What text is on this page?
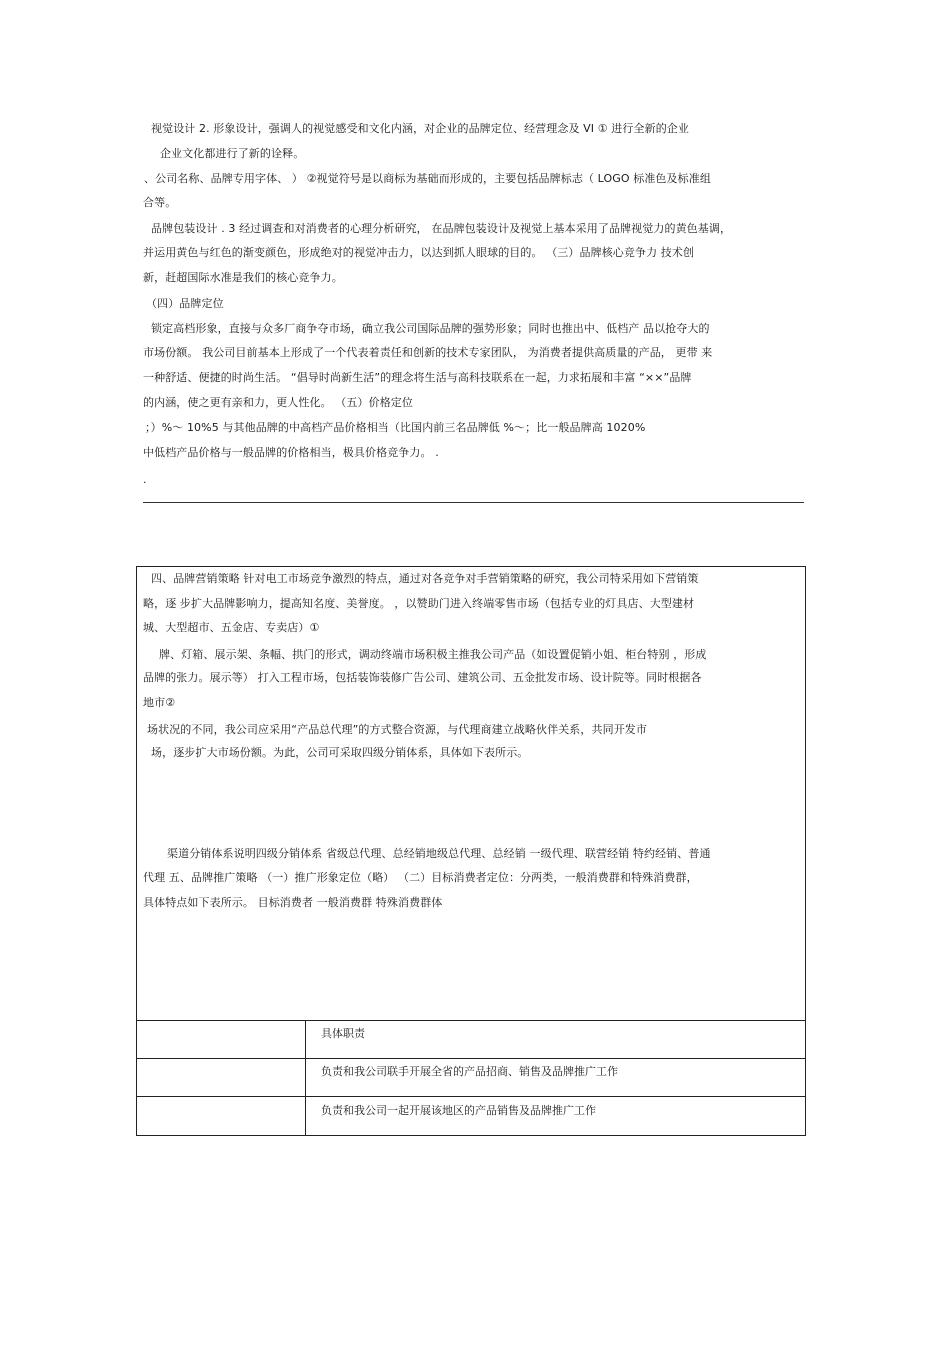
视觉设计 2. 形象设计，强调人的视觉感受和文化内涵，对企业的品牌定位、经营理念及 VI ① 进行全新的企业
企业文化都进行了新的诠释。
、公司名称、品牌专用字体、 ） ②视觉符号是以商标为基础而形成的，主要包括品牌标志（ LOGO 标准色及标准组
合等。
品牌包装设计 . 3 经过调查和对消费者的心理分析研究， 在品牌包装设计及视觉上基本采用了品牌视觉力的黄色基调，
并运用黄色与红色的渐变颜色，形成绝对的视觉冲击力，以达到抓人眼球的目的。 （三）品牌核心竞争力 技术创
新，赶超国际水准是我们的核心竞争力。
（四）品牌定位
锁定高档形象，直接与众多厂商争夺市场，确立我公司国际品牌的强势形象；同时也推出中、低档产 品以抢夺大的
市场份额。 我公司目前基本上形成了一个代表着责任和创新的技术专家团队， 为消费者提供高质量的产品， 更带 来
一种舒适、便捷的时尚生活。 “倡导时尚新生活”的理念将生活与高科技联系在一起，力求拓展和丰富 “××”品牌
的内涵，使之更有亲和力，更人性化。 （五）价格定位
；）%～ 10%5 与其他品牌的中高档产品价格相当（比国内前三名品牌低 %～；比一般品牌高 1020%
中低档产品价格与一般品牌的价格相当，极具价格竞争力。 .
.
四、品牌营销策略 针对电工市场竞争激烈的特点，通过对各竞争对手营销策略的研究，我公司特采用如下营销策
略，逐 步扩大品牌影响力，提高知名度、美誉度。 ，以赞助门进入终端零售市场（包括专业的灯具店、大型建材
城、大型超市、五金店、专卖店）①
牌、灯箱、展示架、条幅、拱门的形式，调动终端市场积极主推我公司产品（如设置促销小姐、柜台特别 ，形成
品牌的张力。展示等） 打入工程市场，包括装饰装修广告公司、建筑公司、五金批发市场、设计院等。同时根据各
地市②
场状况的不同，我公司应采用“产品总代理”的方式整合资源，与代理商建立战略伙伴关系，共同开发市
场，逐步扩大市场份额。为此，公司可采取四级分销体系，具体如下表所示。
渠道分销体系说明四级分销体系 省级总代理、总经销地级总代理、总经销 一级代理、联营经销 特约经销、普通
代理 五、品牌推广策略 （一）推广形象定位（略） （二）目标消费者定位：分两类，一般消费群和特殊消费群，
具体特点如下表所示。 目标消费者 一般消费群 特殊消费群体
具体职责
负责和我公司联手开展全省的产品招商、销售及品牌推广工作
负责和我公司一起开展该地区的产品销售及品牌推广工作
